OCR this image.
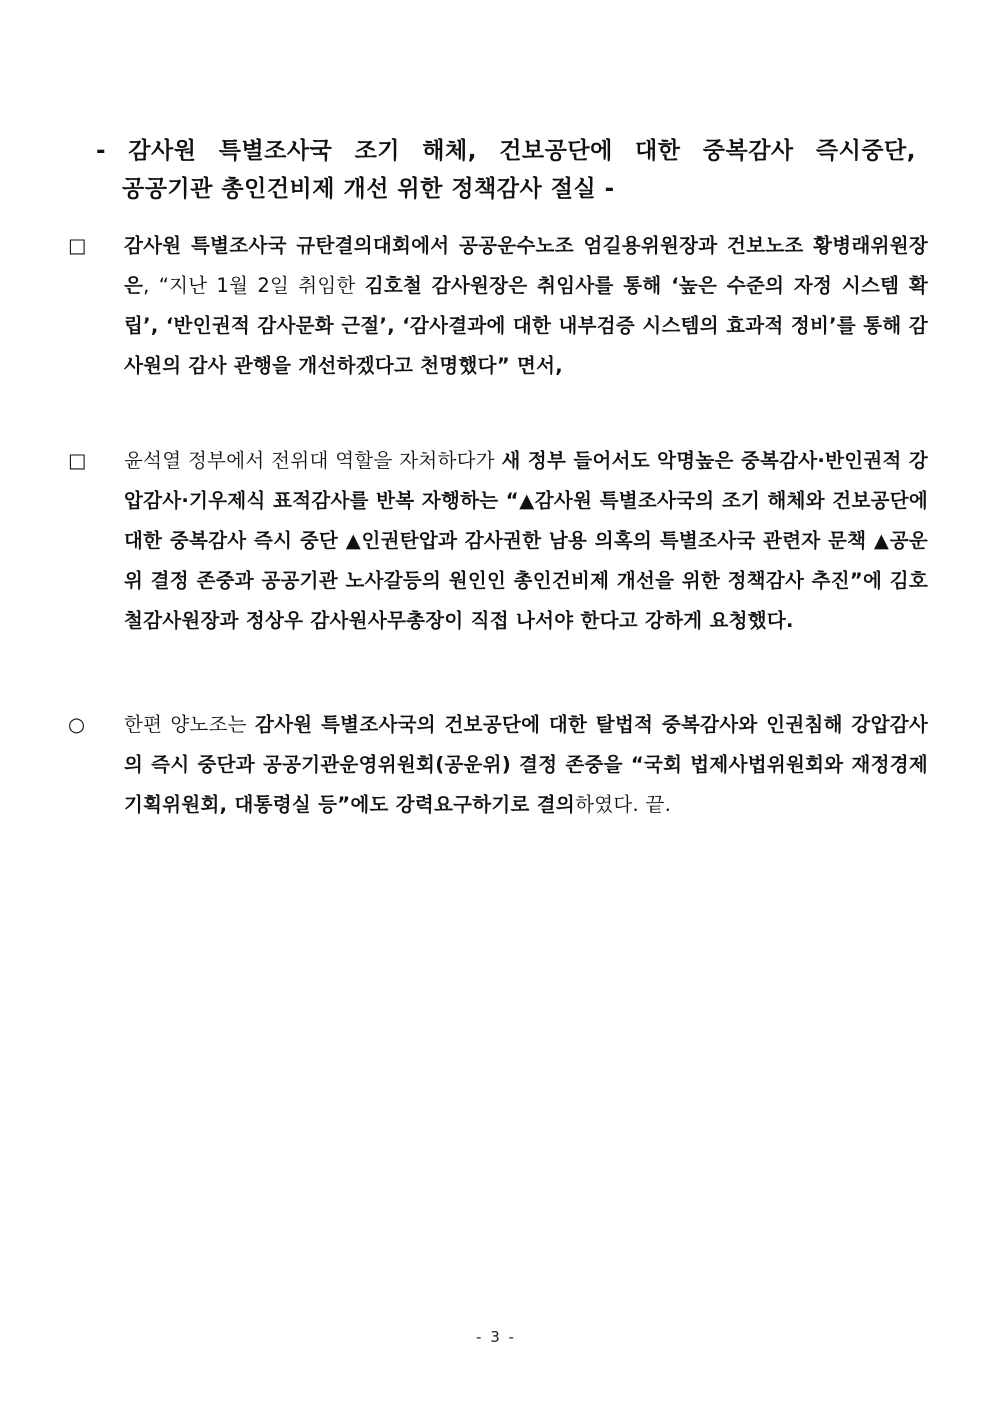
- 감사원 특별조사국 조기 해체, 건보공단에 대한 중복감사 즉시중단,
공공기관 총인건비제 개선 위한 정책감사 절실 -
□ 감사원 특별조사국 규탄결의대회에서 공공운수노조 엄길용위원장과 건보노조 황병래위원장은, “지난 1월 2일 취임한 김호철 감사원장은 취임사를 통해 ‘높은 수준의 자정 시스템 확립’, ‘반인권적 감사문화 근절’, ‘감사결과에 대한 내부검증 시스템의 효과적 정비’를 통해 감사원의 감사 관행을 개선하겠다고 천명했다” 면서,
□ 윤석열 정부에서 전위대 역할을 자처하다가 새 정부 들어서도 악명높은 중복감사·반인권적 강압감사·기우제식 표적감사를 반복 자행하는 “▲감사원 특별조사국의 조기 해체와 건보공단에 대한 중복감사 즉시 중단 ▲인권탄압과 감사권한 남용 의혹의 특별조사국 관련자 문책 ▲공운위 결정 존중과 공공기관 노사갈등의 원인인 총인건비제 개선을 위한 정책감사 추진”에 김호철감사원장과 정상우 감사원사무총장이 직접 나서야 한다고 강하게 요청했다.
○ 한편 양노조는 감사원 특별조사국의 건보공단에 대한 탈법적 중복감사와 인권침해 강압감사의 즉시 중단과 공공기관운영위원회(공운위) 결정 존중을 “국회 법제사법위원회와 재정경제기획위원회, 대통령실 등”에도 강력요구하기로 결의하였다. 끝.
- 3 -
